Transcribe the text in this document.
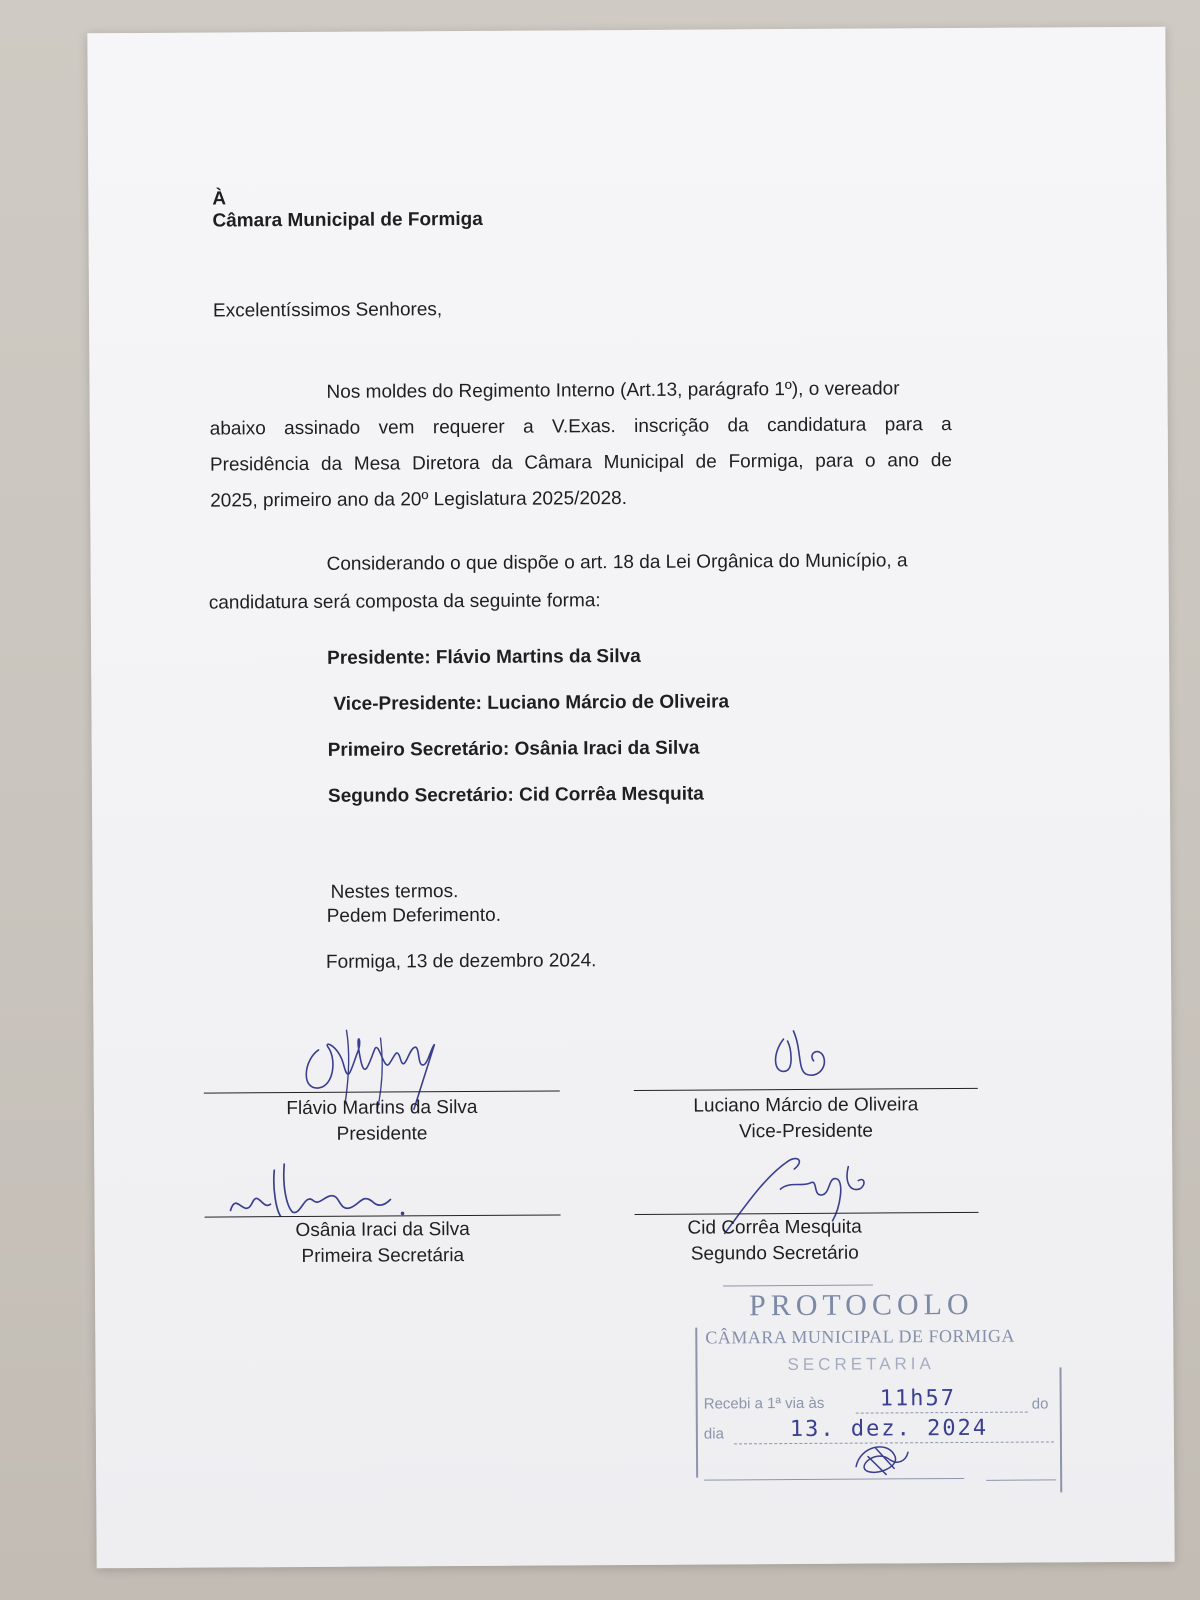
À
Câmara Municipal de Formiga
Excelentíssimos Senhores,
Nos moldes do Regimento Interno (Art.13, parágrafo 1º), o vereador
abaixo assinado vem requerer a V.Exas. inscrição da candidatura para a
Presidência da Mesa Diretora da Câmara Municipal de Formiga, para o ano de
2025, primeiro ano da 20º Legislatura 2025/2028.
Considerando o que dispõe o art. 18 da Lei Orgânica do Município, a
candidatura será composta da seguinte forma:
Presidente: Flávio Martins da Silva
Vice-Presidente: Luciano Márcio de Oliveira
Primeiro Secretário: Osânia Iraci da Silva
Segundo Secretário: Cid Corrêa Mesquita
Nestes termos.
Pedem Deferimento.
Formiga, 13 de dezembro 2024.
Flávio Martins da Silva
Presidente
Luciano Márcio de Oliveira
Vice-Presidente
Osânia Iraci da Silva
Primeira Secretária
Cid Corrêa Mesquita
Segundo Secretário
PROTOCOLO
CÂMARA MUNICIPAL DE FORMIGA
SECRETARIA
Recebi a 1ª via às	11h57	do
dia	13. dez. 2024
